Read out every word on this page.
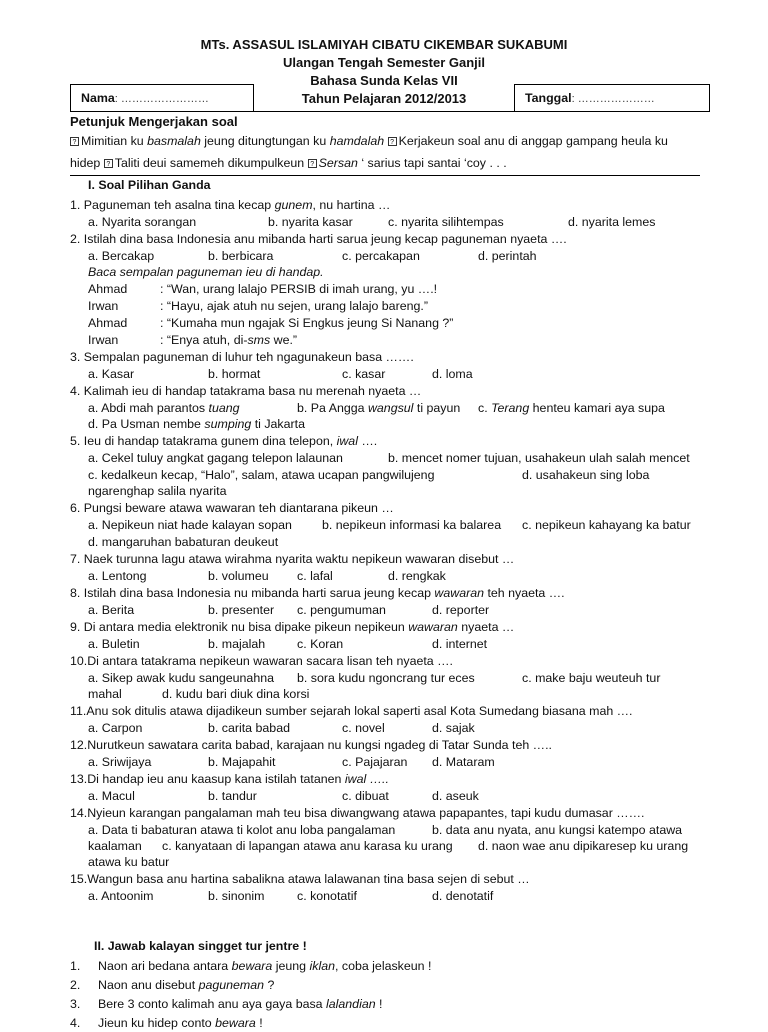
MTs. ASSASUL ISLAMIYAH CIBATU CIKEMBAR SUKABUMI
Ulangan Tengah Semester Ganjil
Bahasa Sunda Kelas VII
Tahun Pelajaran 2012/2013
Nama: ……………………	Tanggal: …………………
Petunjuk Mengerjakan soal
? Mimitian ku basmalah jeung ditungtungan ku hamdalah ? Kerjakeun soal anu di anggap gampang heula ku
hidep ? Taliti deui samemeh dikumpulkeun ? Sersan ‘ sarius tapi santai ‘coy . . .
I. Soal Pilihan Ganda
1. Paguneman teh asalna tina kecap gunem, nu hartina …
a. Nyarita sorangan	b. nyarita kasar	c. nyarita silihtempas	d. nyarita lemes
2. Istilah dina basa Indonesia anu mibanda harti sarua jeung kecap paguneman nyaeta ….
a. Bercakap	b. berbicara	c. percakapan	d. perintah
Baca sempalan paguneman ieu di handap.
Ahmad	: “Wan, urang lalajo PERSIB di imah urang, yu ….!
Irwan	: “Hayu, ajak atuh nu sejen, urang lalajo bareng.”
Ahmad	: “Kumaha mun ngajak Si Engkus jeung Si Nanang ?”
Irwan	: “Enya atuh, di-sms we.”
3. Sempalan paguneman di luhur teh ngagunakeun basa …….
a. Kasar	b. hormat	c. kasar	d. loma
4. Kalimah ieu di handap tatakrama basa nu merenah nyaeta …
a. Abdi mah parantos tuang	b. Pa Angga wangsul ti payun c. Terang henteu kamari aya supa
d. Pa Usman nembe sumping ti Jakarta
5. Ieu di handap tatakrama gunem dina telepon, iwal ….
a. Cekel tuluy angkat gagang telepon lalaunan	b. mencet nomer tujuan, usahakeun ulah salah mencet
c. kedalkeun kecap, “Halo”, salam, atawa ucapan pangwilujeng	d. usahakeun sing loba
ngarenghap salila nyarita
6. Pungsi beware atawa wawaran teh diantarana pikeun …
a. Nepikeun niat hade kalayan sopan b. nepikeun informasi ka balarea c. nepikeun kahayang ka batur
d. mangaruhan babaturan deukeut
7. Naek turunna lagu atawa wirahma nyarita waktu nepikeun wawaran disebut …
a. Lentong	b. volumeu c. lafal	d. rengkak
8. Istilah dina basa Indonesia nu mibanda harti sarua jeung kecap wawaran teh nyaeta ….
a. Berita	b. presenter c. pengumuman	d. reporter
9. Di antara media elektronik nu bisa dipake pikeun nepikeun wawaran nyaeta …
a. Buletin	b. majalah	c. Koran	d. internet
10.Di antara tatakrama nepikeun wawaran sacara lisan teh nyaeta ….
a. Sikep awak kudu sangeunahna b. sora kudu ngoncrang tur eces	c. make baju weuteuh tur
mahal	d. kudu bari diuk dina korsi
11.Anu sok ditulis atawa dijadikeun sumber sejarah lokal saperti asal Kota Sumedang biasana mah ….
a. Carpon	b. carita babad	c. novel	d. sajak
12.Nurutkeun sawatara carita babad, karajaan nu kungsi ngadeg di Tatar Sunda teh …..
a. Sriwijaya	b. Majapahit	c. Pajajaran d. Mataram
13.Di handap ieu anu kaasup kana istilah tatanen iwal …..
a. Macul	b. tandur	c. dibuat	d. aseuk
14.Nyieun karangan pangalaman mah teu bisa diwangwang atawa papapantes, tapi kudu dumasar …….
a. Data ti babaturan atawa ti kolot anu loba pangalaman	b. data anu nyata, anu kungsi katempo atawa
kaalaman c. kanyataan di lapangan atawa anu karasa ku urang d. naon wae anu dipikaresep ku urang
atawa ku batur
15.Wangun basa anu hartina sabalikna atawa lalawanan tina basa sejen di sebut …
a. Antoonim	b. sinonim	c. konotatif	d. denotatif
II. Jawab kalayan singget tur jentre !
1. Naon ari bedana antara bewara jeung iklan, coba jelaskeun !
2. Naon anu disebut paguneman ?
3. Bere 3 conto kalimah anu aya gaya basa lalandian !
4. Jieun ku hidep conto bewara !
